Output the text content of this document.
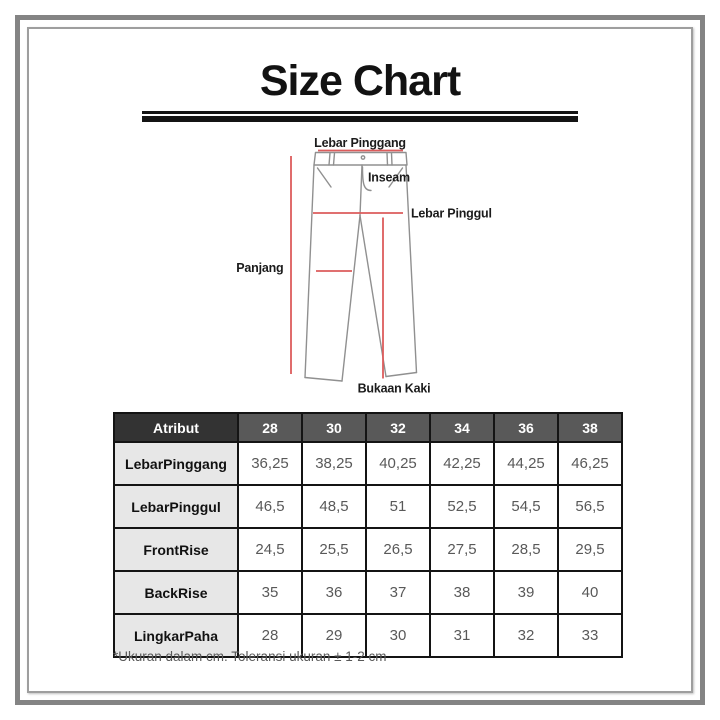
Size Chart
Lebar Pinggang
Inseam
Lebar Pinggul
Panjang
Bukaan Kaki
Atribut	28	30	32	34	36	38
LebarPinggang	36,25	38,25	40,25	42,25	44,25	46,25
LebarPinggul	46,5	48,5	51	52,5	54,5	56,5
FrontRise	24,5	25,5	26,5	27,5	28,5	29,5
BackRise	35	36	37	38	39	40
LingkarPaha	28	29	30	31	32	33
*Ukuran dalam cm. Toleransi ukuran ± 1-2 cm
